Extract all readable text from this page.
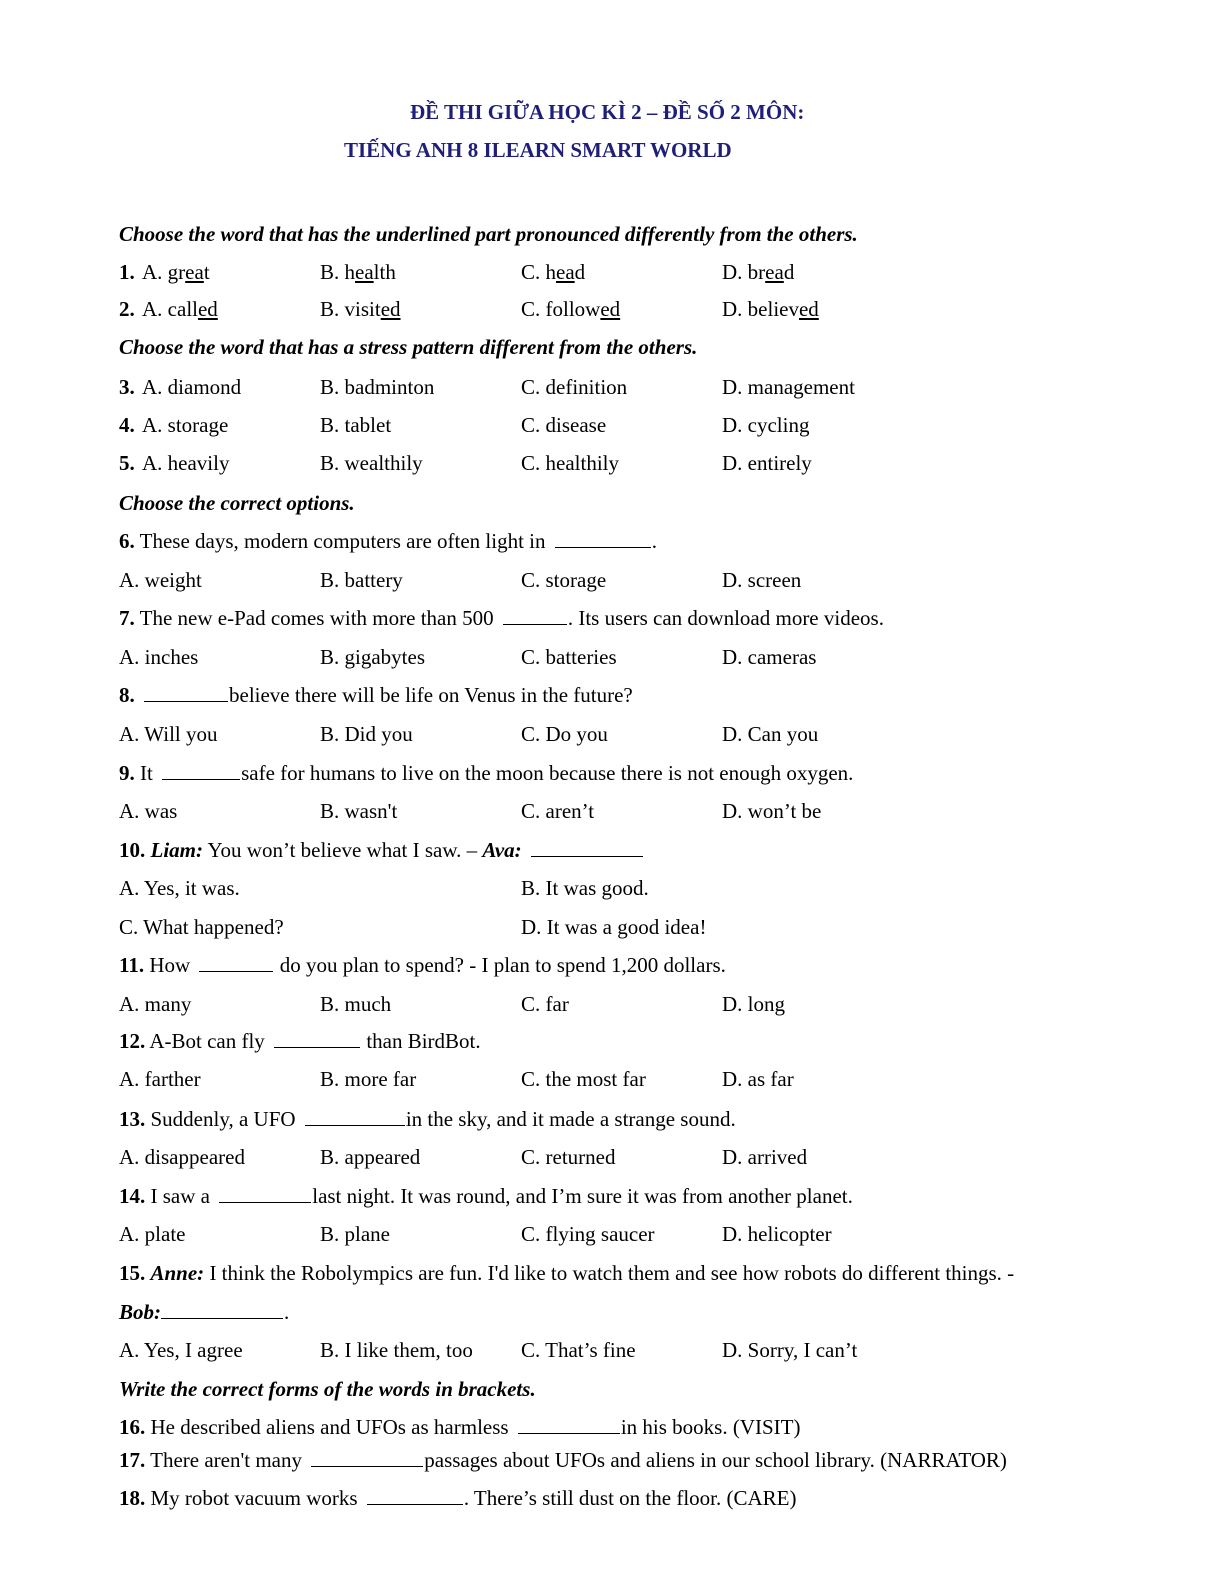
ĐỀ THI GIỮA HỌC KÌ 2 – ĐỀ SỐ 2 MÔN:
TIẾNG ANH 8 ILEARN SMART WORLD
Choose the word that has the underlined part pronounced differently from the others.
1. A. great	B. health	C. head	D. bread
2. A. called	B. visited	C. followed	D. believed
Choose the word that has a stress pattern different from the others.
3. A. diamond	B. badminton	C. definition	D. management
4. A. storage	B. tablet	C. disease	D. cycling
5. A. heavily	B. wealthily	C. healthily	D. entirely
Choose the correct options.
6. These days, modern computers are often light in	.
A. weight	B. battery	C. storage	D. screen
7. The new e-Pad comes with more than 500	. Its users can download more videos.
A. inches	B. gigabytes	C. batteries	D. cameras
8.	believe there will be life on Venus in the future?
A. Will you	B. Did you	C. Do you	D. Can you
9. It	safe for humans to live on the moon because there is not enough oxygen.
A. was	B. wasn't	C. aren’t	D. won’t be
10. Liam: You won’t believe what I saw. – Ava:
A. Yes, it was.	B. It was good.
C. What happened?	D. It was a good idea!
11. How	do you plan to spend? - I plan to spend 1,200 dollars.
A. many	B. much	C. far	D. long
12. A-Bot can fly	than BirdBot.
A. farther	B. more far	C. the most far	D. as far
13. Suddenly, a UFO	in the sky, and it made a strange sound.
A. disappeared	B. appeared	C. returned	D. arrived
14. I saw a	last night. It was round, and I’m sure it was from another planet.
A. plate	B. plane	C. flying saucer	D. helicopter
15. Anne: I think the Robolympics are fun. I'd like to watch them and see how robots do different things. -
Bob:	.
A. Yes, I agree	B. I like them, too C. That’s fine	D. Sorry, I can’t
Write the correct forms of the words in brackets.
16. He described aliens and UFOs as harmless	in his books. (VISIT)
17. There aren't many	passages about UFOs and aliens in our school library. (NARRATOR)
18. My robot vacuum works	. There’s still dust on the floor. (CARE)
